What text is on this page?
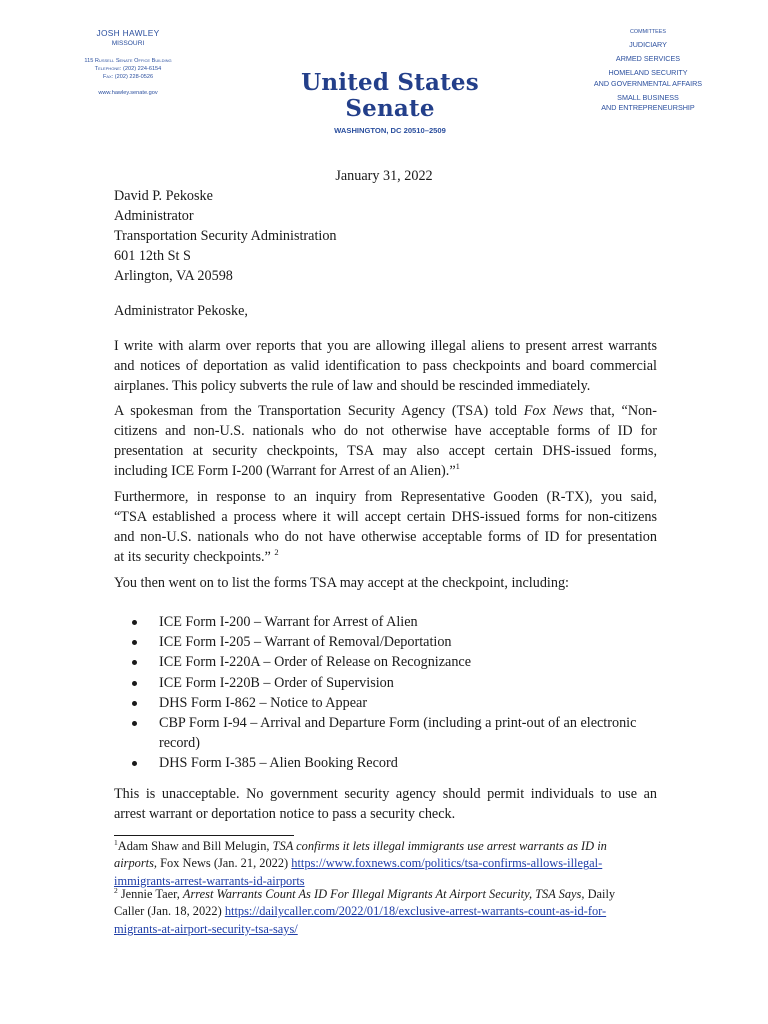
JOSH HAWLEY
MISSOURI
115 Russell Senate Office Building
Telephone: (202) 224-6154
Fax: (202) 228-0526
www.hawley.senate.gov	United States Senate
WASHINGTON, DC 20510–2509
COMMITTEES
JUDICIARY
ARMED SERVICES
HOMELAND SECURITY
AND GOVERNMENTAL AFFAIRS
SMALL BUSINESS
AND ENTREPRENEURSHIP
January 31, 2022
David P. Pekoske
Administrator
Transportation Security Administration
601 12th St S
Arlington, VA 20598
Administrator Pekoske,
I write with alarm over reports that you are allowing illegal aliens to present arrest warrants
and notices of deportation as valid identification to pass checkpoints and board commercial
airplanes. This policy subverts the rule of law and should be rescinded immediately.
A spokesman from the Transportation Security Agency (TSA) told Fox News that, “Non-
citizens and non-U.S. nationals who do not otherwise have acceptable forms of ID for
presentation at security checkpoints, TSA may also accept certain DHS-issued forms,
including ICE Form I-200 (Warrant for Arrest of an Alien).”$^1$
Furthermore, in response to an inquiry from Representative Gooden (R-TX), you said,
“TSA established a process where it will accept certain DHS-issued forms for non-citizens
and non-U.S. nationals who do not have otherwise acceptable forms of ID for presentation
at its security checkpoints.” $^2$
You then went on to list the forms TSA may accept at the checkpoint, including:
ICE Form I-200 – Warrant for Arrest of Alien
ICE Form I-205 – Warrant of Removal/Deportation
ICE Form I-220A – Order of Release on Recognizance
ICE Form I-220B – Order of Supervision
DHS Form I-862 – Notice to Appear
CBP Form I-94 – Arrival and Departure Form (including a print-out of an electronic
record)
DHS Form I-385 – Alien Booking Record
This is unacceptable. No government security agency should permit individuals to use an
arrest warrant or deportation notice to pass a security check.
$^1$Adam Shaw and Bill Melugin, TSA confirms it lets illegal immigrants use arrest warrants as ID in
airports, Fox News (Jan. 21, 2022) https://www.foxnews.com/politics/tsa-confirms-allows-illegal-
immigrants-arrest-warrants-id-airports
$^2$ Jennie Taer, Arrest Warrants Count As ID For Illegal Migrants At Airport Security, TSA Says, Daily
Caller (Jan. 18, 2022) https://dailycaller.com/2022/01/18/exclusive-arrest-warrants-count-as-id-for-
migrants-at-airport-security-tsa-says/
